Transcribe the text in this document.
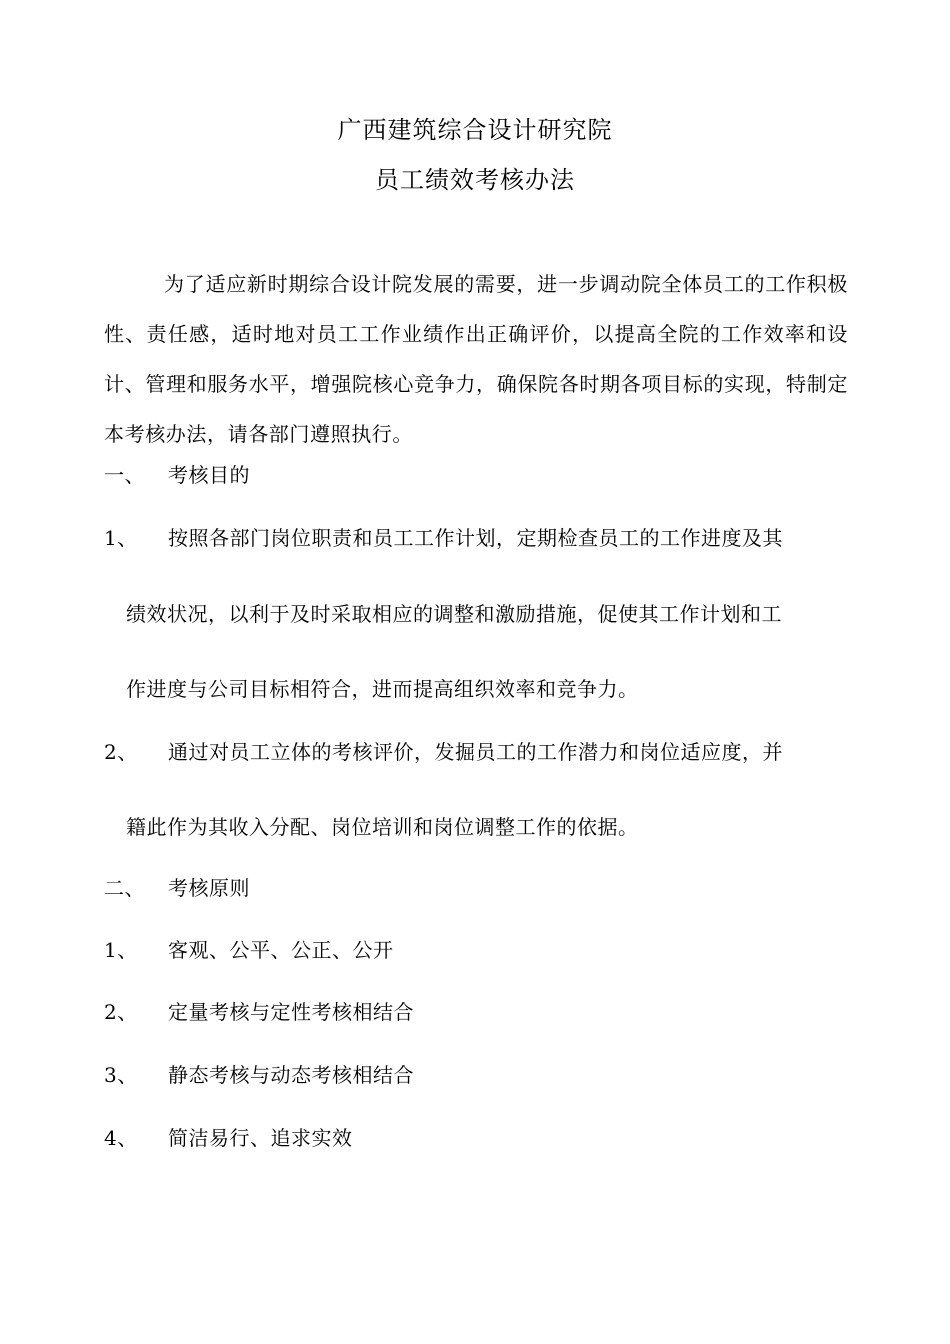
广西建筑综合设计研究院
员工绩效考核办法
为了适应新时期综合设计院发展的需要，进一步调动院全体员工的工作积极性、责任感，适时地对员工工作业绩作出正确评价，以提高全院的工作效率和设计、管理和服务水平，增强院核心竞争力，确保院各时期各项目标的实现，特制定本考核办法，请各部门遵照执行。
一、 考核目的
1、 按照各部门岗位职责和员工工作计划，定期检查员工的工作进度及其
绩效状况，以利于及时采取相应的调整和激励措施，促使其工作计划和工
作进度与公司目标相符合，进而提高组织效率和竞争力。
2、 通过对员工立体的考核评价，发掘员工的工作潜力和岗位适应度，并
籍此作为其收入分配、岗位培训和岗位调整工作的依据。
二、 考核原则
1、 客观、公平、公正、公开
2、 定量考核与定性考核相结合
3、 静态考核与动态考核相结合
4、 简洁易行、追求实效
